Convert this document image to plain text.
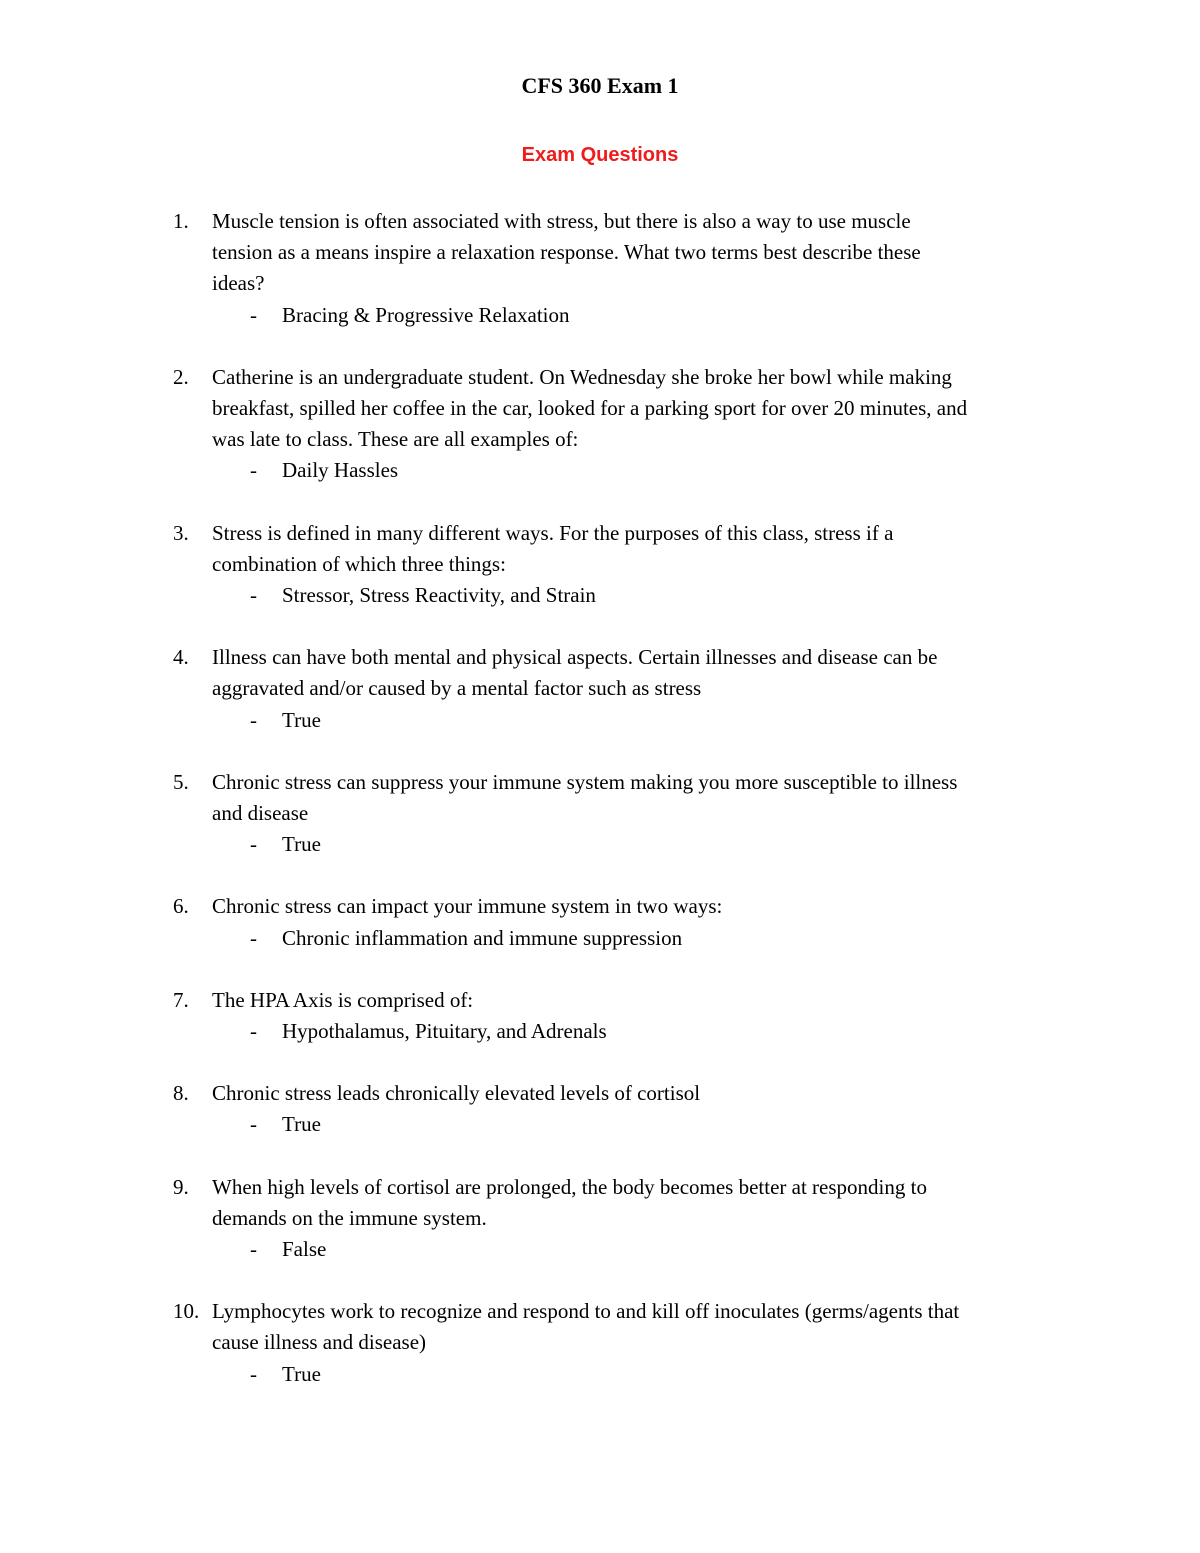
CFS 360 Exam 1
Exam Questions
1. Muscle tension is often associated with stress, but there is also a way to use muscle
tension as a means inspire a relaxation response. What two terms best describe these
ideas?
- Bracing & Progressive Relaxation
2. Catherine is an undergraduate student. On Wednesday she broke her bowl while making
breakfast, spilled her coffee in the car, looked for a parking sport for over 20 minutes, and
was late to class. These are all examples of:
- Daily Hassles
3. Stress is defined in many different ways. For the purposes of this class, stress if a
combination of which three things:
- Stressor, Stress Reactivity, and Strain
4. Illness can have both mental and physical aspects. Certain illnesses and disease can be
aggravated and/or caused by a mental factor such as stress
- True
5. Chronic stress can suppress your immune system making you more susceptible to illness
and disease
- True
6. Chronic stress can impact your immune system in two ways:
- Chronic inflammation and immune suppression
7. The HPA Axis is comprised of:
- Hypothalamus, Pituitary, and Adrenals
8. Chronic stress leads chronically elevated levels of cortisol
- True
9. When high levels of cortisol are prolonged, the body becomes better at responding to
demands on the immune system.
- False
10. Lymphocytes work to recognize and respond to and kill off inoculates (germs/agents that
cause illness and disease)
- True
